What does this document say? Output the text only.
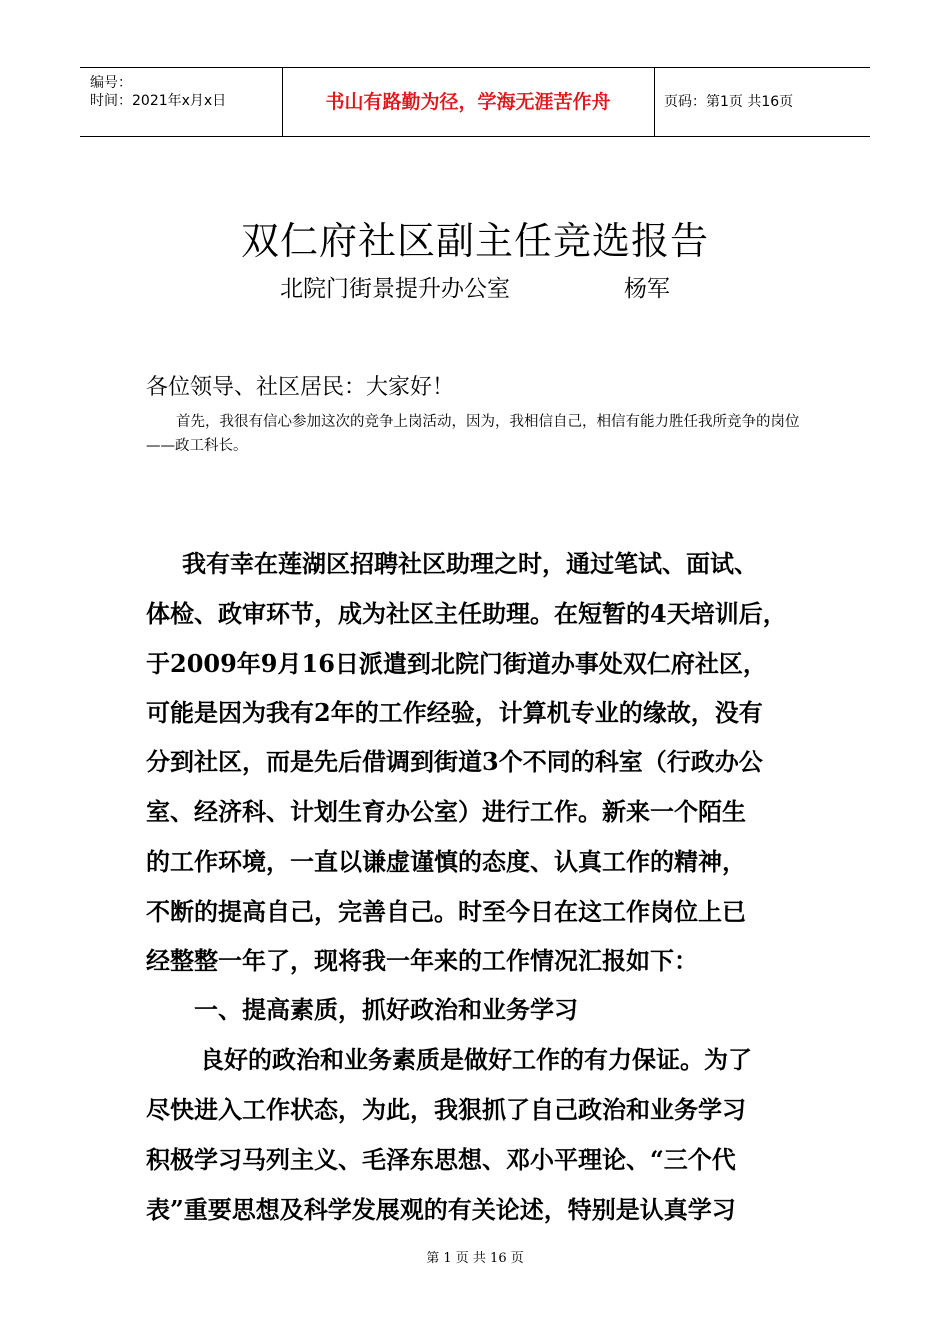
编号：
时间：2021年x月x日	书山有路勤为径，学海无涯苦作舟	页码：第1页 共16页
双仁府社区副主任竞选报告
北院门街景提升办公室	杨军
各位领导、社区居民：大家好！
首先，我很有信心参加这次的竞争上岗活动，因为，我相信自己，相信有能力胜任我所竞争的岗位——政工科长。
我有幸在莲湖区招聘社区助理之时，通过笔试、面试、
体检、政审环节，成为社区主任助理。在短暂的4天培训后，
于2009年9月16日派遣到北院门街道办事处双仁府社区，
可能是因为我有2年的工作经验，计算机专业的缘故，没有
分到社区，而是先后借调到街道3个不同的科室（行政办公
室、经济科、计划生育办公室）进行工作。新来一个陌生
的工作环境，一直以谦虚谨慎的态度、认真工作的精神，
不断的提高自己，完善自己。时至今日在这工作岗位上已
经整整一年了，现将我一年来的工作情况汇报如下：
一、提高素质，抓好政治和业务学习
良好的政治和业务素质是做好工作的有力保证。为了
尽快进入工作状态，为此，我狠抓了自己政治和业务学习
积极学习马列主义、毛泽东思想、邓小平理论、“三个代
表”重要思想及科学发展观的有关论述，特别是认真学习
第 1 页 共 16 页
